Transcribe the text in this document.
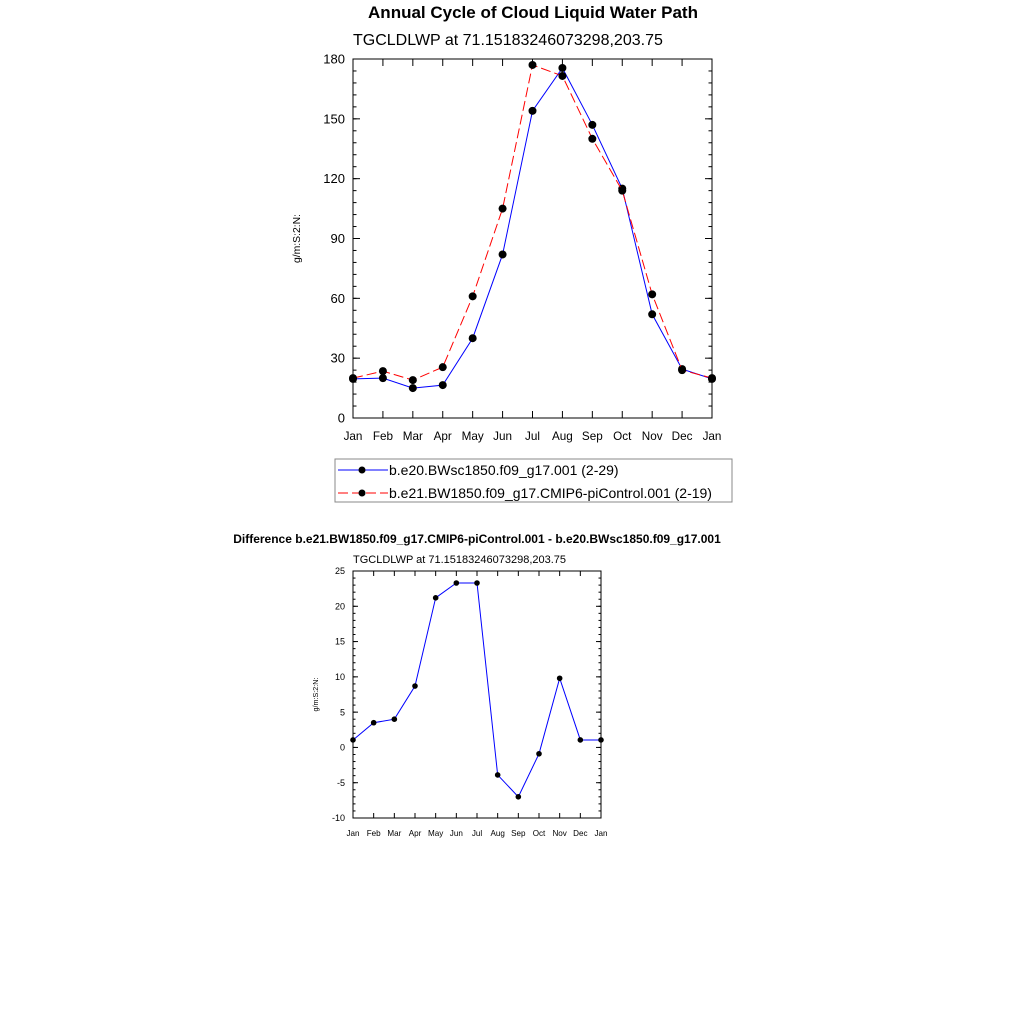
Annual Cycle of Cloud Liquid Water Path
TGCLDLWP at 71.15183246073298,203.75
g/m:S:2:N:
0
30
60
90
120
150
180
Jan Feb Mar Apr May Jun Jul Aug Sep Oct Nov Dec Jan
b.e20.BWsc1850.f09_g17.001 (2-29)
b.e21.BW1850.f09_g17.CMIP6-piControl.001 (2-19)
Difference b.e21.BW1850.f09_g17.CMIP6-piControl.001 - b.e20.BWsc1850.f09_g17.001
TGCLDLWP at 71.15183246073298,203.75
g/m:S:2:N:
-10
-5
0
5
10
15
20
25
Jan Feb Mar Apr May Jun Jul Aug Sep Oct Nov Dec Jan
